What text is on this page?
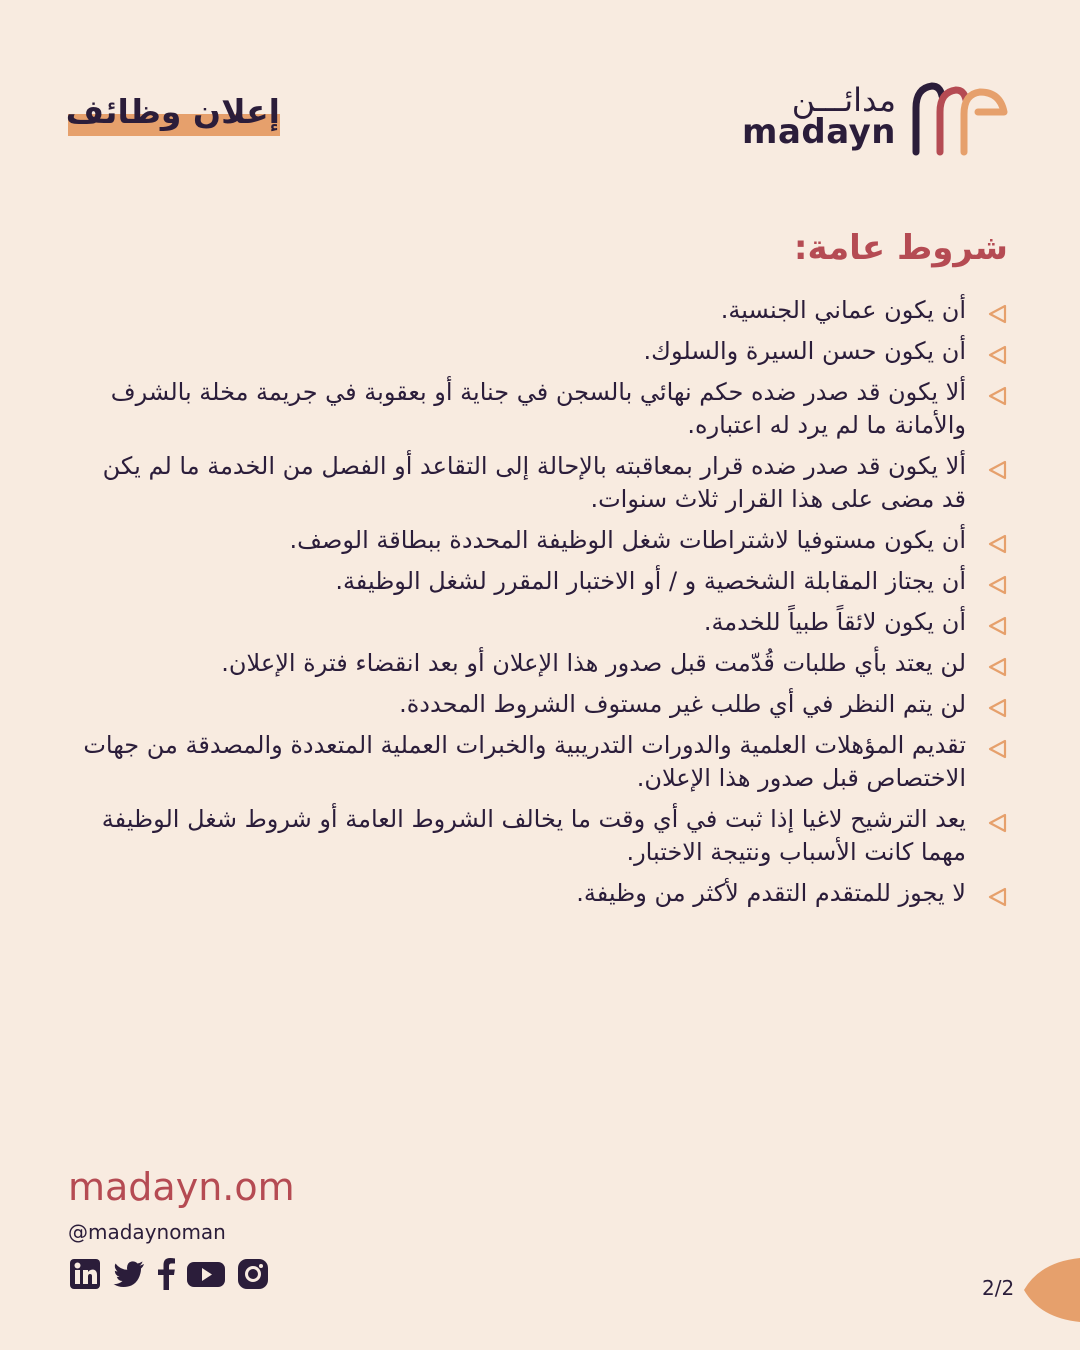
إعلان وظائف	مدائـــن
madayn
شروط عامة:
أن يكون عماني الجنسية.
أن يكون حسن السيرة والسلوك.
ألا يكون قد صدر ضده حكم نهائي بالسجن في جناية أو بعقوبة في جريمة مخلة بالشرف والأمانة ما لم يرد له اعتباره.
ألا يكون قد صدر ضده قرار بمعاقبته بالإحالة إلى التقاعد أو الفصل من الخدمة ما لم يكن قد مضى على هذا القرار ثلاث سنوات.
أن يكون مستوفيا لاشتراطات شغل الوظيفة المحددة ببطاقة الوصف.
أن يجتاز المقابلة الشخصية و / أو الاختبار المقرر لشغل الوظيفة.
أن يكون لائقاً طبياً للخدمة.
لن يعتد بأي طلبات قُدّمت قبل صدور هذا الإعلان أو بعد انقضاء فترة الإعلان.
لن يتم النظر في أي طلب غير مستوف الشروط المحددة.
تقديم المؤهلات العلمية والدورات التدريبية والخبرات العملية المتعددة والمصدقة من جهات الاختصاص قبل صدور هذا الإعلان.
يعد الترشيح لاغيا إذا ثبت في أي وقت ما يخالف الشروط العامة أو شروط شغل الوظيفة مهما كانت الأسباب ونتيجة الاختبار.
لا يجوز للمتقدم التقدم لأكثر من وظيفة.
madayn.om
@madaynoman
2/2
